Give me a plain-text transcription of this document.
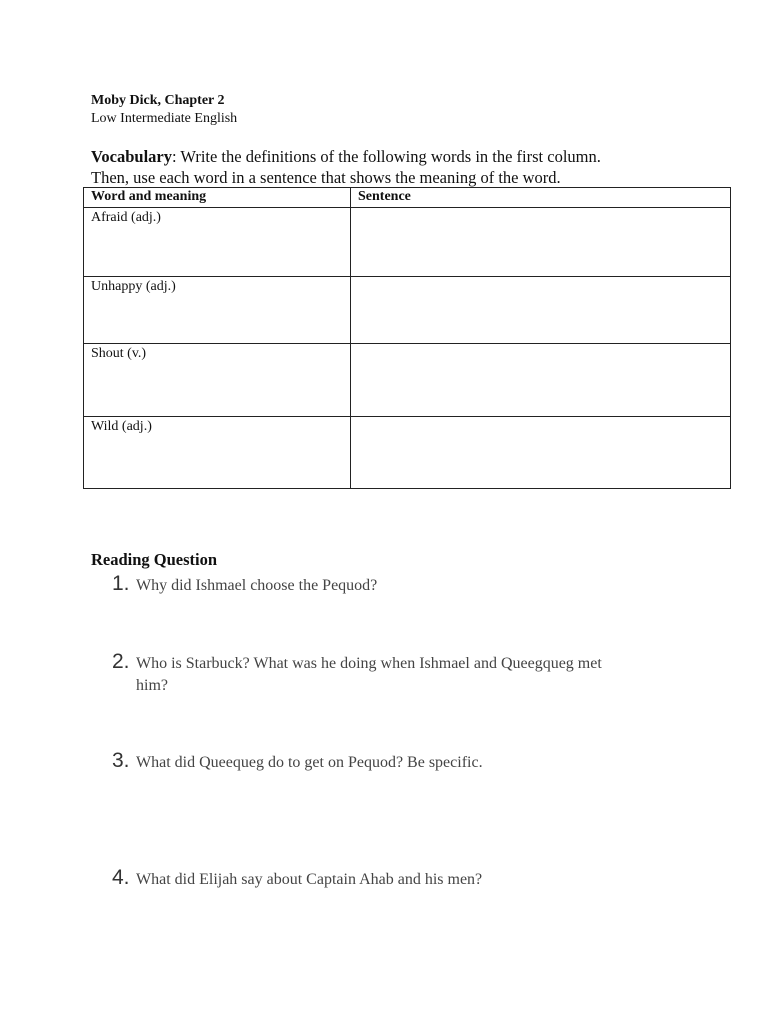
Moby Dick, Chapter 2
Low Intermediate English
Vocabulary: Write the definitions of the following words in the first column.
Then, use each word in a sentence that shows the meaning of the word.
Word and meaning	Sentence
Afraid (adj.)	
Unhappy (adj.)	
Shout (v.)	
Wild (adj.)	
Reading Question
1. Why did Ishmael choose the Pequod?
2. Who is Starbuck? What was he doing when Ishmael and Queegqueg met
him?
3. What did Queequeg do to get on Pequod? Be specific.
4. What did Elijah say about Captain Ahab and his men?
